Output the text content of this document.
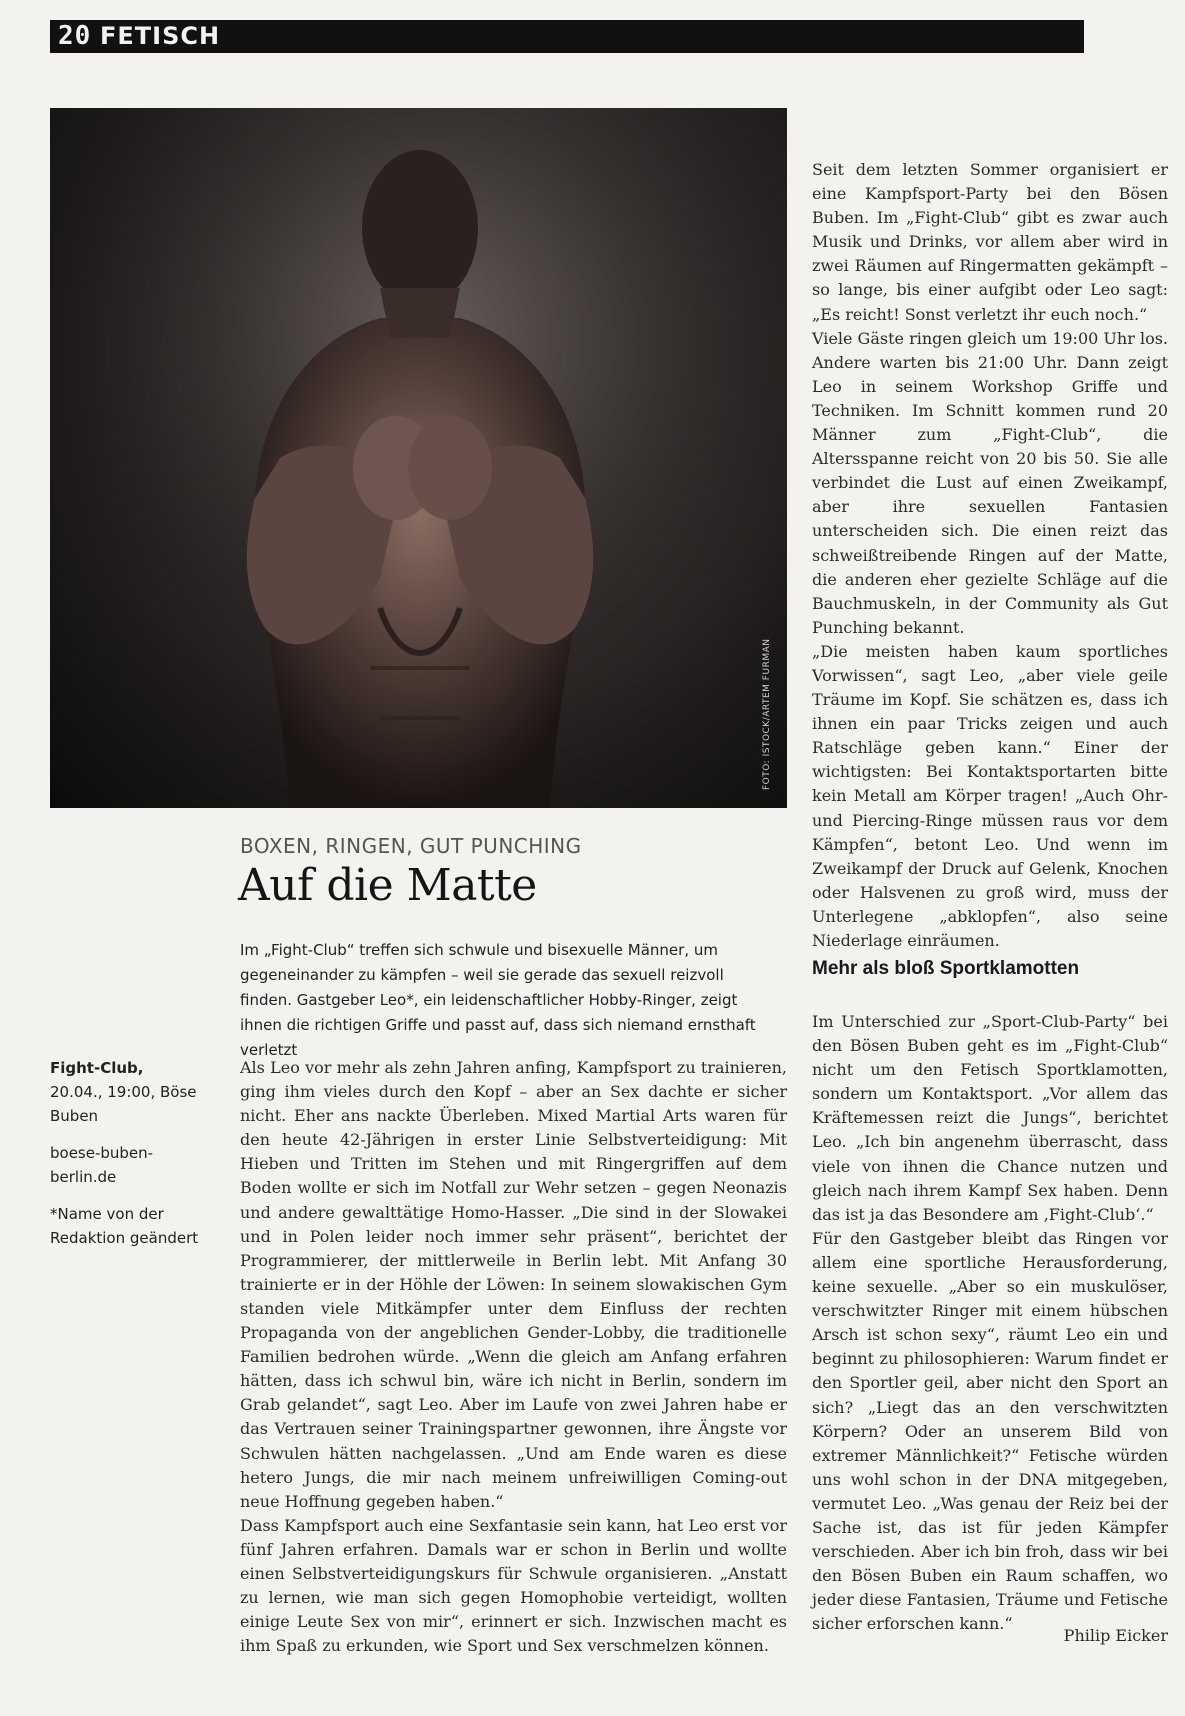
20 FETISCH
FOTO: ISTOCK/ARTEM FURMAN
BOXEN, RINGEN, GUT PUNCHING
Auf die Matte
Im „Fight-Club“ treffen sich schwule und bisexuelle Männer, um gegeneinander zu kämpfen – weil sie gerade das sexuell reizvoll finden. Gastgeber Leo*, ein leidenschaftlicher Hobby-Ringer, zeigt ihnen die richtigen Griffe und passt auf, dass sich niemand ernsthaft verletzt

Fight-Club, 20.04., 19:00, Böse Buben

boese-buben-berlin.de

*Name von der Redaktion geändert

Als Leo vor mehr als zehn Jahren anfing, Kampfsport zu trainieren, ging ihm vieles durch den Kopf – aber an Sex dachte er sicher nicht. Eher ans nackte Überleben. Mixed Martial Arts waren für den heute 42-Jährigen in erster Linie Selbstverteidigung: Mit Hieben und Tritten im Stehen und mit Ringergriffen auf dem Boden wollte er sich im Notfall zur Wehr setzen – gegen Neonazis und andere gewalttätige Homo-Hasser. „Die sind in der Slowakei und in Polen leider noch immer sehr präsent“, berichtet der Programmierer, der mittlerweile in Berlin lebt. Mit Anfang 30 trainierte er in der Höhle der Löwen: In seinem slowakischen Gym standen viele Mitkämpfer unter dem Einfluss der rechten Propaganda von der angeblichen Gender-Lobby, die traditionelle Familien bedrohen würde. „Wenn die gleich am Anfang erfahren hätten, dass ich schwul bin, wäre ich nicht in Berlin, sondern im Grab gelandet“, sagt Leo. Aber im Laufe von zwei Jahren habe er das Vertrauen seiner Trainingspartner gewonnen, ihre Ängste vor Schwulen hätten nachgelassen. „Und am Ende waren es diese hetero Jungs, die mir nach meinem unfreiwilligen Coming-out neue Hoffnung gegeben haben.“

Dass Kampfsport auch eine Sexfantasie sein kann, hat Leo erst vor fünf Jahren erfahren. Damals war er schon in Berlin und wollte einen Selbstverteidigungskurs für Schwule organisieren. „Anstatt zu lernen, wie man sich gegen Homophobie verteidigt, wollten einige Leute Sex von mir“, erinnert er sich. Inzwischen macht es ihm Spaß zu erkunden, wie Sport und Sex verschmelzen können.

Seit dem letzten Sommer organisiert er eine Kampfsport-Party bei den Bösen Buben. Im „Fight-Club“ gibt es zwar auch Musik und Drinks, vor allem aber wird in zwei Räumen auf Ringermatten gekämpft – so lange, bis einer aufgibt oder Leo sagt: „Es reicht! Sonst verletzt ihr euch noch.“

Viele Gäste ringen gleich um 19:00 Uhr los. Andere warten bis 21:00 Uhr. Dann zeigt Leo in seinem Workshop Griffe und Techniken. Im Schnitt kommen rund 20 Männer zum „Fight-Club“, die Altersspanne reicht von 20 bis 50. Sie alle verbindet die Lust auf einen Zweikampf, aber ihre sexuellen Fantasien unterscheiden sich. Die einen reizt das schweißtreibende Ringen auf der Matte, die anderen eher gezielte Schläge auf die Bauchmuskeln, in der Community als Gut Punching bekannt.

„Die meisten haben kaum sportliches Vorwissen“, sagt Leo, „aber viele geile Träume im Kopf. Sie schätzen es, dass ich ihnen ein paar Tricks zeigen und auch Ratschläge geben kann.“ Einer der wichtigsten: Bei Kontaktsportarten bitte kein Metall am Körper tragen! „Auch Ohr- und Piercing-Ringe müssen raus vor dem Kämpfen“, betont Leo. Und wenn im Zweikampf der Druck auf Gelenk, Knochen oder Halsvenen zu groß wird, muss der Unterlegene „abklopfen“, also seine Niederlage einräumen.

Mehr als bloß Sportklamotten

Im Unterschied zur „Sport-Club-Party“ bei den Bösen Buben geht es im „Fight-Club“ nicht um den Fetisch Sportklamotten, sondern um Kontaktsport. „Vor allem das Kräftemessen reizt die Jungs“, berichtet Leo. „Ich bin angenehm überrascht, dass viele von ihnen die Chance nutzen und gleich nach ihrem Kampf Sex haben. Denn das ist ja das Besondere am ‚Fight-Club‘.“

Für den Gastgeber bleibt das Ringen vor allem eine sportliche Herausforderung, keine sexuelle. „Aber so ein muskulöser, verschwitzter Ringer mit einem hübschen Arsch ist schon sexy“, räumt Leo ein und beginnt zu philosophieren: Warum findet er den Sportler geil, aber nicht den Sport an sich? „Liegt das an den verschwitzten Körpern? Oder an unserem Bild von extremer Männlichkeit?“ Fetische würden uns wohl schon in der DNA mitgegeben, vermutet Leo. „Was genau der Reiz bei der Sache ist, das ist für jeden Kämpfer verschieden. Aber ich bin froh, dass wir bei den Bösen Buben ein Raum schaffen, wo jeder diese Fantasien, Träume und Fetische sicher erforschen kann.“

Philip Eicker
